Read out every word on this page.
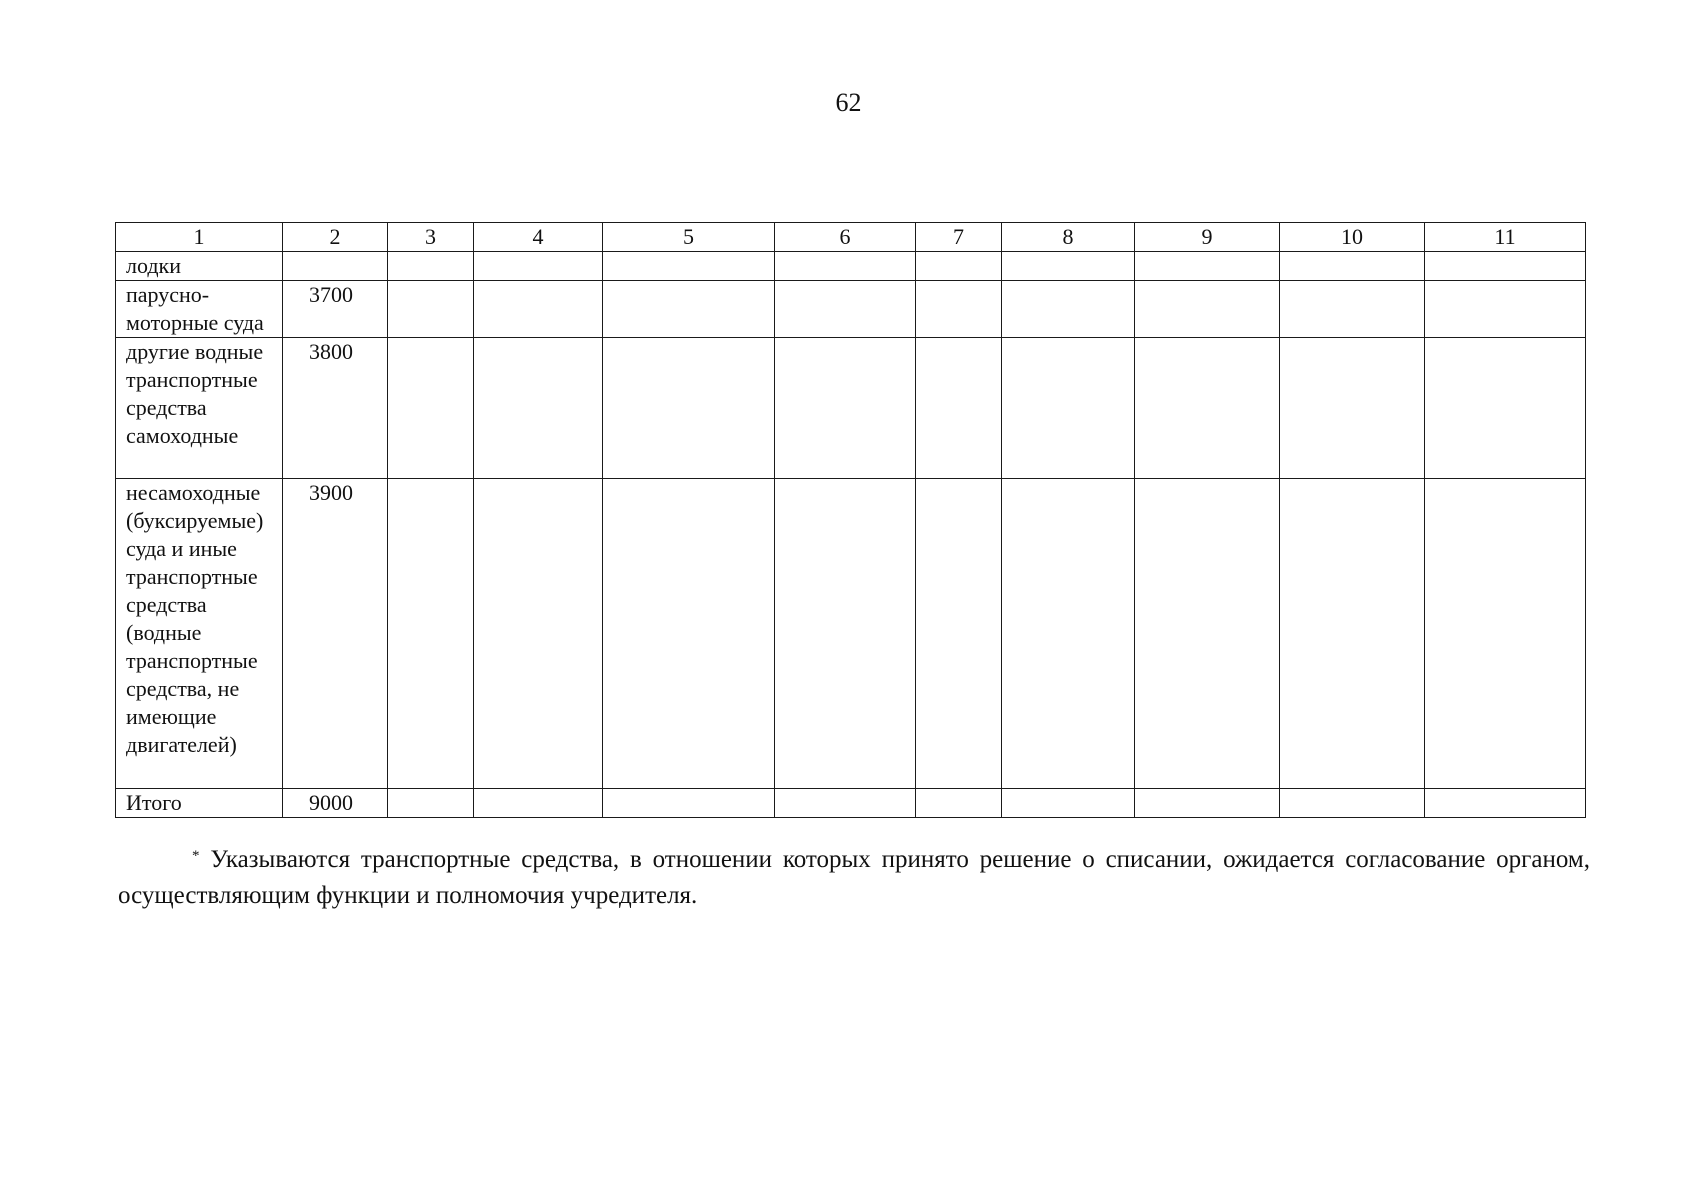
62
1	2	3	4	5	6	7	8	9	10	11
лодки										
парусно-моторные суда	3700									
другие водные транспортные средства самоходные	3800									
несамоходные (буксируемые) суда и иные транспортные средства (водные транспортные средства, не имеющие двигателей)	3900									
Итого	9000									

* Указываются транспортные средства, в отношении которых принято решение о списании, ожидается согласование органом, осуществляющим функции и полномочия учредителя.
